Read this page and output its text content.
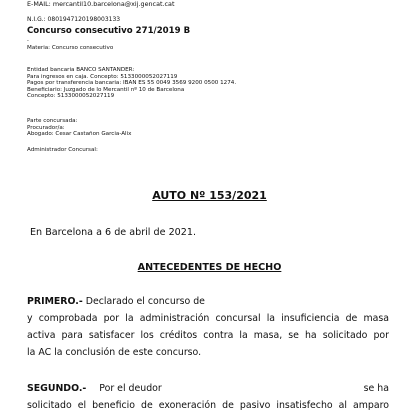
E-MAIL: mercantil10.barcelona@xij.gencat.cat
N.I.G.: 0801947120198003133
Concurso consecutivo 271/2019 B
-
Materia: Concurso consecutivo
Entidad bancaria BANCO SANTANDER:
Para ingresos en caja. Concepto: 5133000052027119
Pagos por transferencia bancaria: IBAN ES 55 0049 3569 9200 0500 1274.
Beneficiario: Juzgado de lo Mercantil nº 10 de Barcelona
Concepto: 5133000052027119
Parte concursada:
Procurador/a:
Abogado: Cesar Castañon Garcia-Alix
Administrador Concursal:
AUTO Nº 153/2021
En Barcelona a 6 de abril de 2021.
ANTECEDENTES DE HECHO
PRIMERO.- Declarado el concurso de
y comprobada por la administración concursal la insuficiencia de masa
activa para satisfacer los créditos contra la masa, se ha solicitado por
la AC la conclusión de este concurso.
SEGUNDO.- Por el deudor	se ha
solicitado el beneficio de exoneración de pasivo insatisfecho al amparo
